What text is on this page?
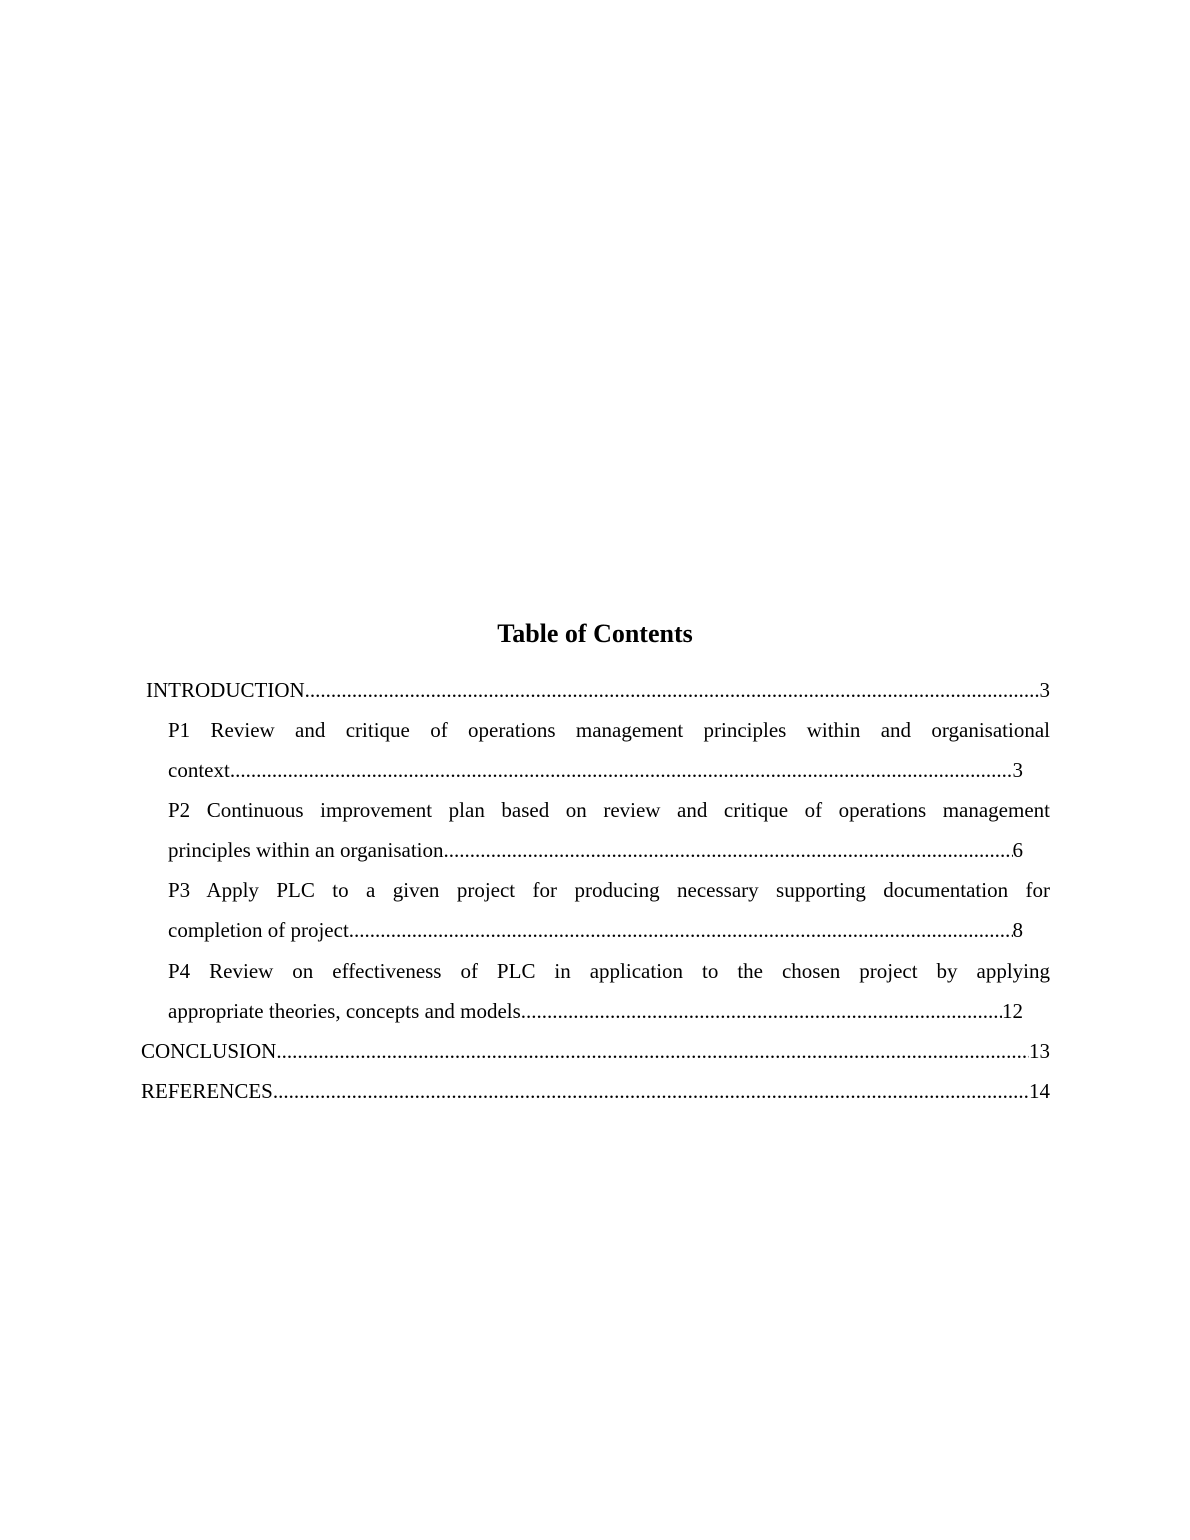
Table of Contents
INTRODUCTION .....	3
P1 Review and critique of operations management principles within and organisational
context .....	3
P2 Continuous improvement plan based on review and critique of operations management
principles within an organisation .....	6
P3 Apply PLC to a given project for producing necessary supporting documentation for
completion of project .....	8
P4 Review on effectiveness of PLC in application to the chosen project by applying
appropriate theories, concepts and models .....	12
CONCLUSION .....	13
REFERENCES .....	14
